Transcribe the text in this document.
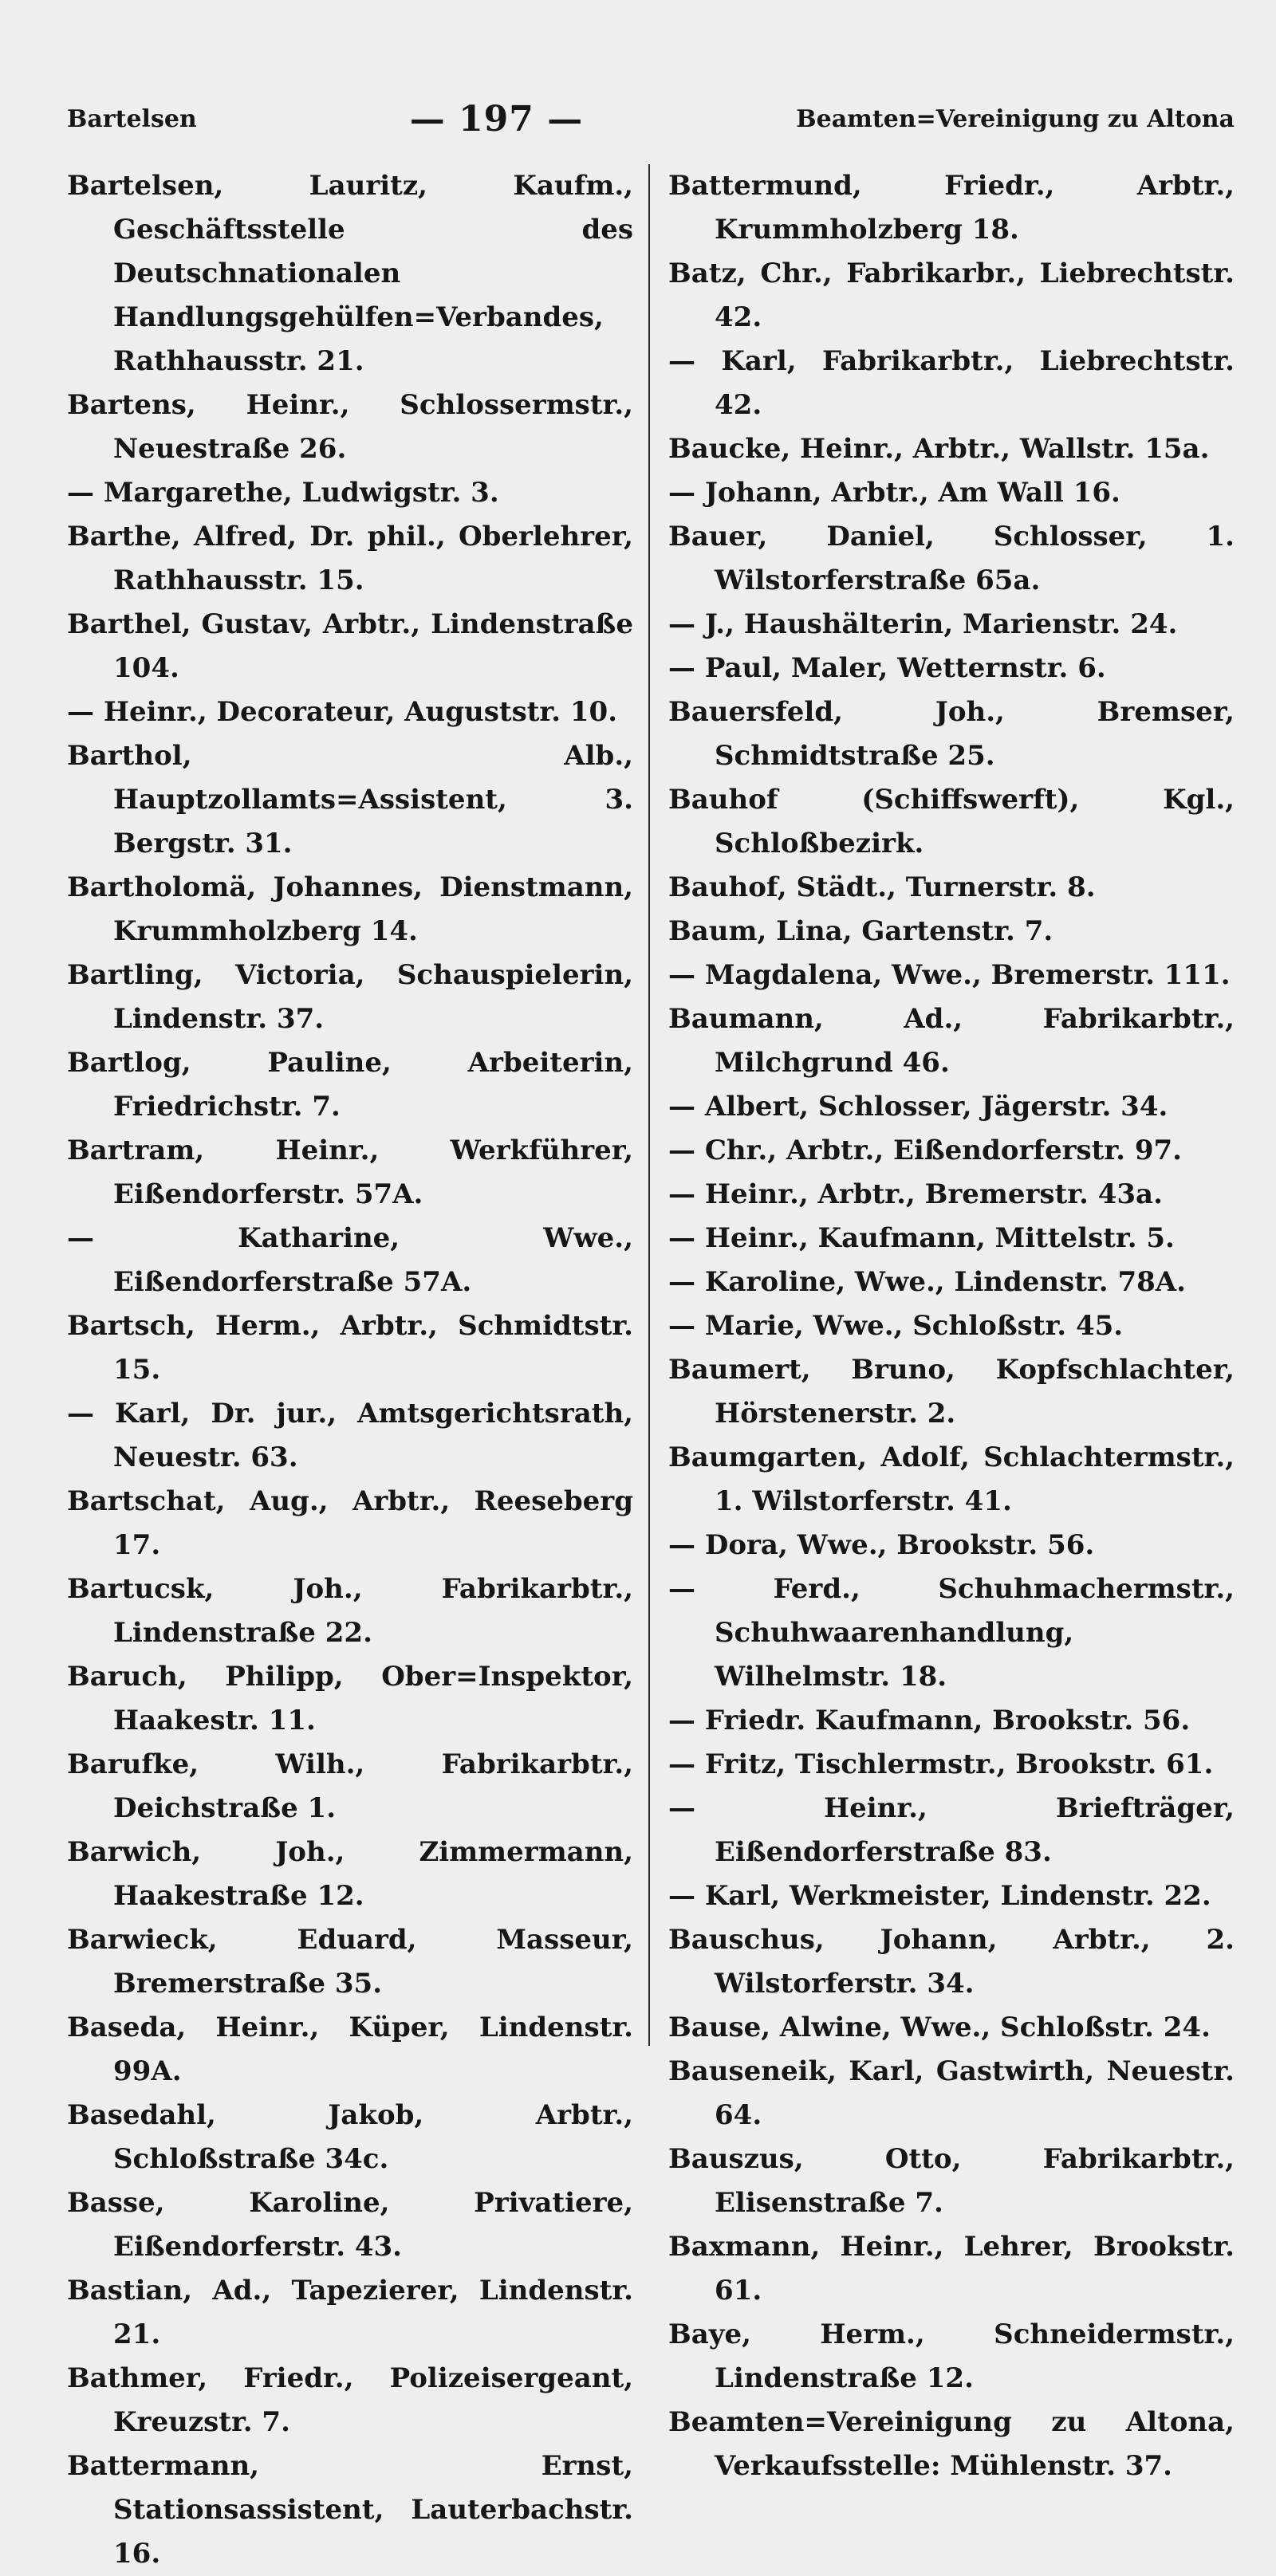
Bartelsen	— 197 —	Beamten=Vereinigung zu Altona

Bartelsen, Lauritz, Kaufm., Geschäftsstelle des Deutschnationalen Handlungsgehülfen=Verbandes, Rathhausstr. 21.

Bartens, Heinr., Schlossermstr., Neuestraße 26.

— Margarethe, Ludwigstr. 3.

Barthe, Alfred, Dr. phil., Oberlehrer, Rathhausstr. 15.

Barthel, Gustav, Arbtr., Lindenstraße 104.

— Heinr., Decorateur, Auguststr. 10.

Barthol, Alb., Hauptzollamts=Assistent, 3. Bergstr. 31.

Bartholomä, Johannes, Dienstmann, Krummholzberg 14.

Bartling, Victoria, Schauspielerin, Lindenstr. 37.

Bartlog, Pauline, Arbeiterin, Friedrichstr. 7.

Bartram, Heinr., Werkführer, Eißendorferstr. 57A.

— Katharine, Wwe., Eißendorferstraße 57A.

Bartsch, Herm., Arbtr., Schmidtstr. 15.

— Karl, Dr. jur., Amtsgerichtsrath, Neuestr. 63.

Bartschat, Aug., Arbtr., Reeseberg 17.

Bartucsk, Joh., Fabrikarbtr., Lindenstraße 22.

Baruch, Philipp, Ober=Inspektor, Haakestr. 11.

Barufke, Wilh., Fabrikarbtr., Deichstraße 1.

Barwich, Joh., Zimmermann, Haakestraße 12.

Barwieck, Eduard, Masseur, Bremerstraße 35.

Baseda, Heinr., Küper, Lindenstr. 99A.

Basedahl, Jakob, Arbtr., Schloßstraße 34c.

Basse, Karoline, Privatiere, Eißendorferstr. 43.

Bastian, Ad., Tapezierer, Lindenstr. 21.

Bathmer, Friedr., Polizeisergeant, Kreuzstr. 7.

Battermann, Ernst, Stationsassistent, Lauterbachstr. 16.

Battermund, Friedr., Arbtr., Krummholzberg 18.

Batz, Chr., Fabrikarbr., Liebrechtstr. 42.

— Karl, Fabrikarbtr., Liebrechtstr. 42.

Baucke, Heinr., Arbtr., Wallstr. 15a.

— Johann, Arbtr., Am Wall 16.

Bauer, Daniel, Schlosser, 1. Wilstorferstraße 65a.

— J., Haushälterin, Marienstr. 24.

— Paul, Maler, Wetternstr. 6.

Bauersfeld, Joh., Bremser, Schmidtstraße 25.

Bauhof (Schiffswerft), Kgl., Schloßbezirk.

Bauhof, Städt., Turnerstr. 8.

Baum, Lina, Gartenstr. 7.

— Magdalena, Wwe., Bremerstr. 111.

Baumann, Ad., Fabrikarbtr., Milchgrund 46.

— Albert, Schlosser, Jägerstr. 34.

— Chr., Arbtr., Eißendorferstr. 97.

— Heinr., Arbtr., Bremerstr. 43a.

— Heinr., Kaufmann, Mittelstr. 5.

— Karoline, Wwe., Lindenstr. 78A.

— Marie, Wwe., Schloßstr. 45.

Baumert, Bruno, Kopfschlachter, Hörstenerstr. 2.

Baumgarten, Adolf, Schlachtermstr., 1. Wilstorferstr. 41.

— Dora, Wwe., Brookstr. 56.

— Ferd., Schuhmachermstr., Schuhwaarenhandlung, Wilhelmstr. 18.

— Friedr. Kaufmann, Brookstr. 56.

— Fritz, Tischlermstr., Brookstr. 61.

— Heinr., Briefträger, Eißendorferstraße 83.

— Karl, Werkmeister, Lindenstr. 22.

Bauschus, Johann, Arbtr., 2. Wilstorferstr. 34.

Bause, Alwine, Wwe., Schloßstr. 24.

Bauseneik, Karl, Gastwirth, Neuestr. 64.

Bauszus, Otto, Fabrikarbtr., Elisenstraße 7.

Baxmann, Heinr., Lehrer, Brookstr. 61.

Baye, Herm., Schneidermstr., Lindenstraße 12.

Beamten=Vereinigung zu Altona, Verkaufsstelle: Mühlenstr. 37.
